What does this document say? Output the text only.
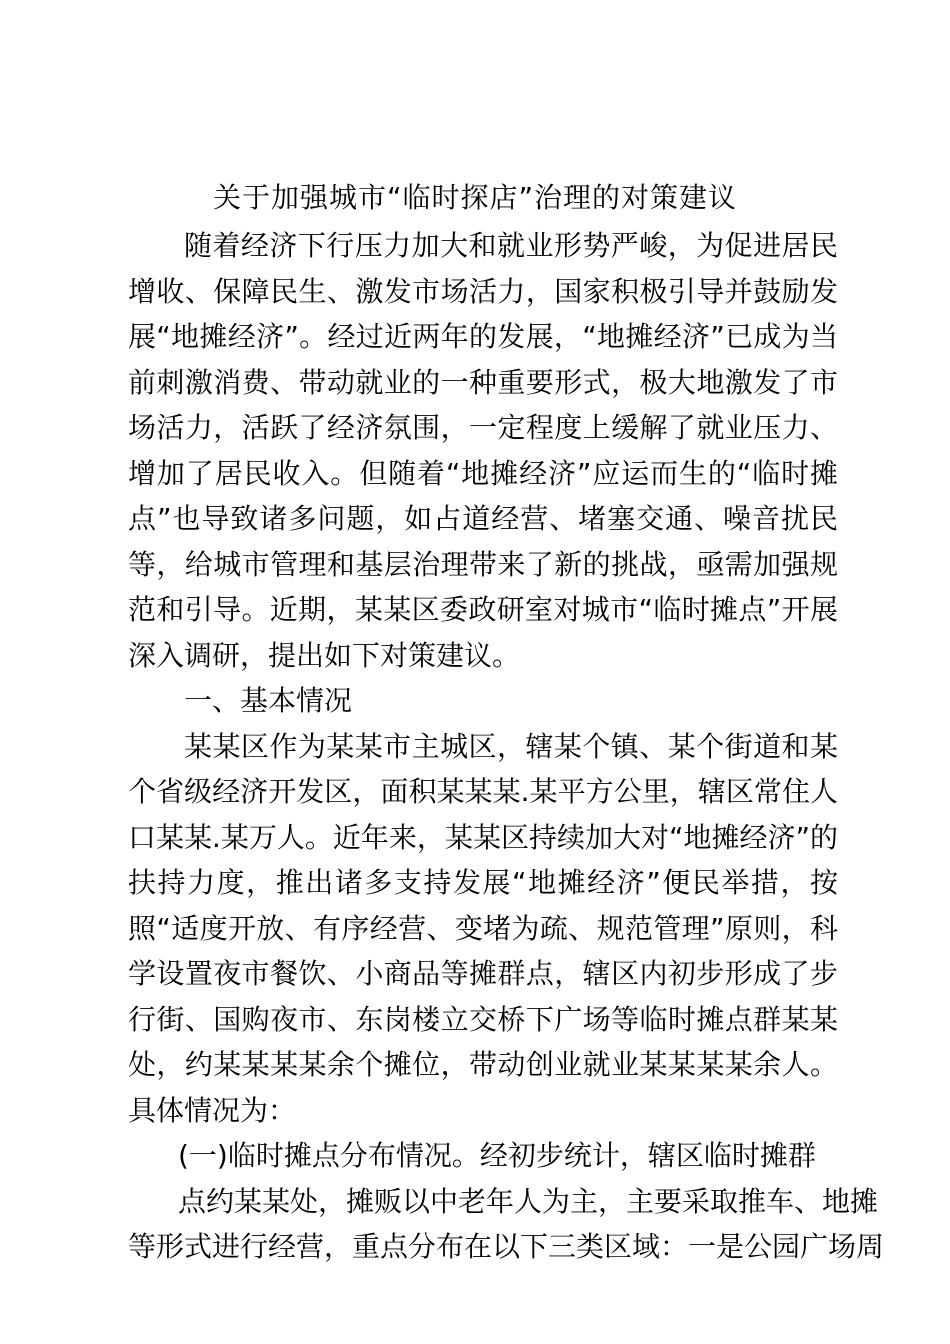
关于加强城市“临时探店”治理的对策建议

随着经济下行压力加大和就业形势严峻，为促进居民增收、保障民生、激发市场活力，国家积极引导并鼓励发展“地摊经济”。经过近两年的发展，“地摊经济”已成为当前刺激消费、带动就业的一种重要形式，极大地激发了市场活力，活跃了经济氛围，一定程度上缓解了就业压力、增加了居民收入。但随着“地摊经济”应运而生的“临时摊点”也导致诸多问题，如占道经营、堵塞交通、噪音扰民等，给城市管理和基层治理带来了新的挑战，亟需加强规范和引导。近期，某某区委政研室对城市“临时摊点”开展深入调研，提出如下对策建议。

一、基本情况

某某区作为某某市主城区，辖某个镇、某个街道和某个省级经济开发区，面积某某某.某平方公里，辖区常住人口某某.某万人。近年来，某某区持续加大对“地摊经济”的扶持力度，推出诸多支持发展“地摊经济”便民举措，按照“适度开放、有序经营、变堵为疏、规范管理”原则，科学设置夜市餐饮、小商品等摊群点，辖区内初步形成了步行街、国购夜市、东岗楼立交桥下广场等临时摊点群某某处，约某某某某余个摊位，带动创业就业某某某某余人。具体情况为：

(一)临时摊点分布情况。经初步统计，辖区临时摊群

点约某某处，摊贩以中老年人为主，主要采取推车、地摊

等形式进行经营，重点分布在以下三类区域：一是公园广场周
